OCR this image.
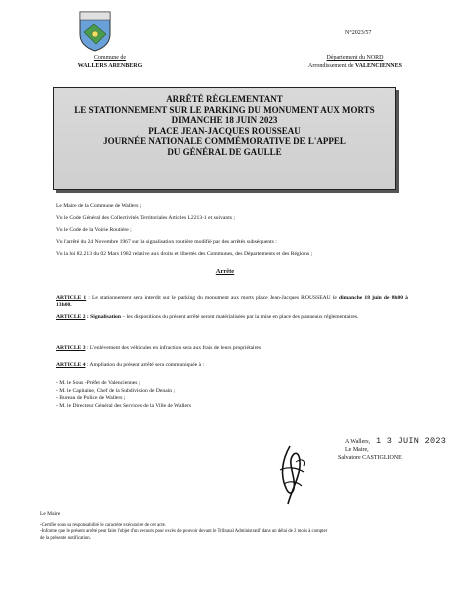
N°2023/57
Commune de
WALLERS ARENBERG
Département du NORD
Arrondissement de VALENCIENNES
ARRÊTÉ RÈGLEMENTANT
LE STATIONNEMENT SUR LE PARKING DU MONUMENT AUX MORTS
DIMANCHE 18 JUIN 2023
PLACE JEAN-JACQUES ROUSSEAU
JOURNÉE NATIONALE COMMÉMORATIVE DE L'APPEL
DU GÉNÉRAL DE GAULLE
Le Maire de la Commune de Wallers ;
Vu le Code Général des Collectivités Territoriales Articles L2213-1 et suivants ;
Vu le Code de la Voirie Routière ;
Vu l'arrêté du 24 Novembre 1967 sur la signalisation routière modifié par des arrêtés subséquents :
Vu la loi 82.213 du 02 Mars 1982 relative aux droits et libertés des Communes, des Départements et des Régions ;
Arrête
ARTICLE 1 : Le stationnement sera interdit sur le parking du monument aux morts place Jean-Jacques ROUSSEAU le dimanche 18 juin de 8h00 à 13h00.
ARTICLE 2 : Signalisation – les dispositions du présent arrêté seront matérialisées par la mise en place des panneaux réglementaires.
ARTICLE 3 : L'enlèvement des véhicules en infraction sera aux frais de leurs propriétaires
ARTICLE 4 : Ampliation du présent arrêté sera communiquée à :
- M. le Sous -Préfet de Valenciennes ;
- M. le Capitaine, Chef de la Subdivision de Denain ;
- Bureau de Police de Wallers ;
- M. le Directeur Général des Services de la Ville de Wallers
A Wallers, 1 3 JUIN 2023
Le Maire,
Salvatore CASTIGLIONE
Le Maire
-Certifie sous sa responsabilité le caractère exécutoire de cet acte.
-Informe que le présent arrêté peut faire l'objet d'un recours pour excès de pouvoir devant le Tribunal Administratif dans un délai de 2 mois à compter
de la présente notification.
